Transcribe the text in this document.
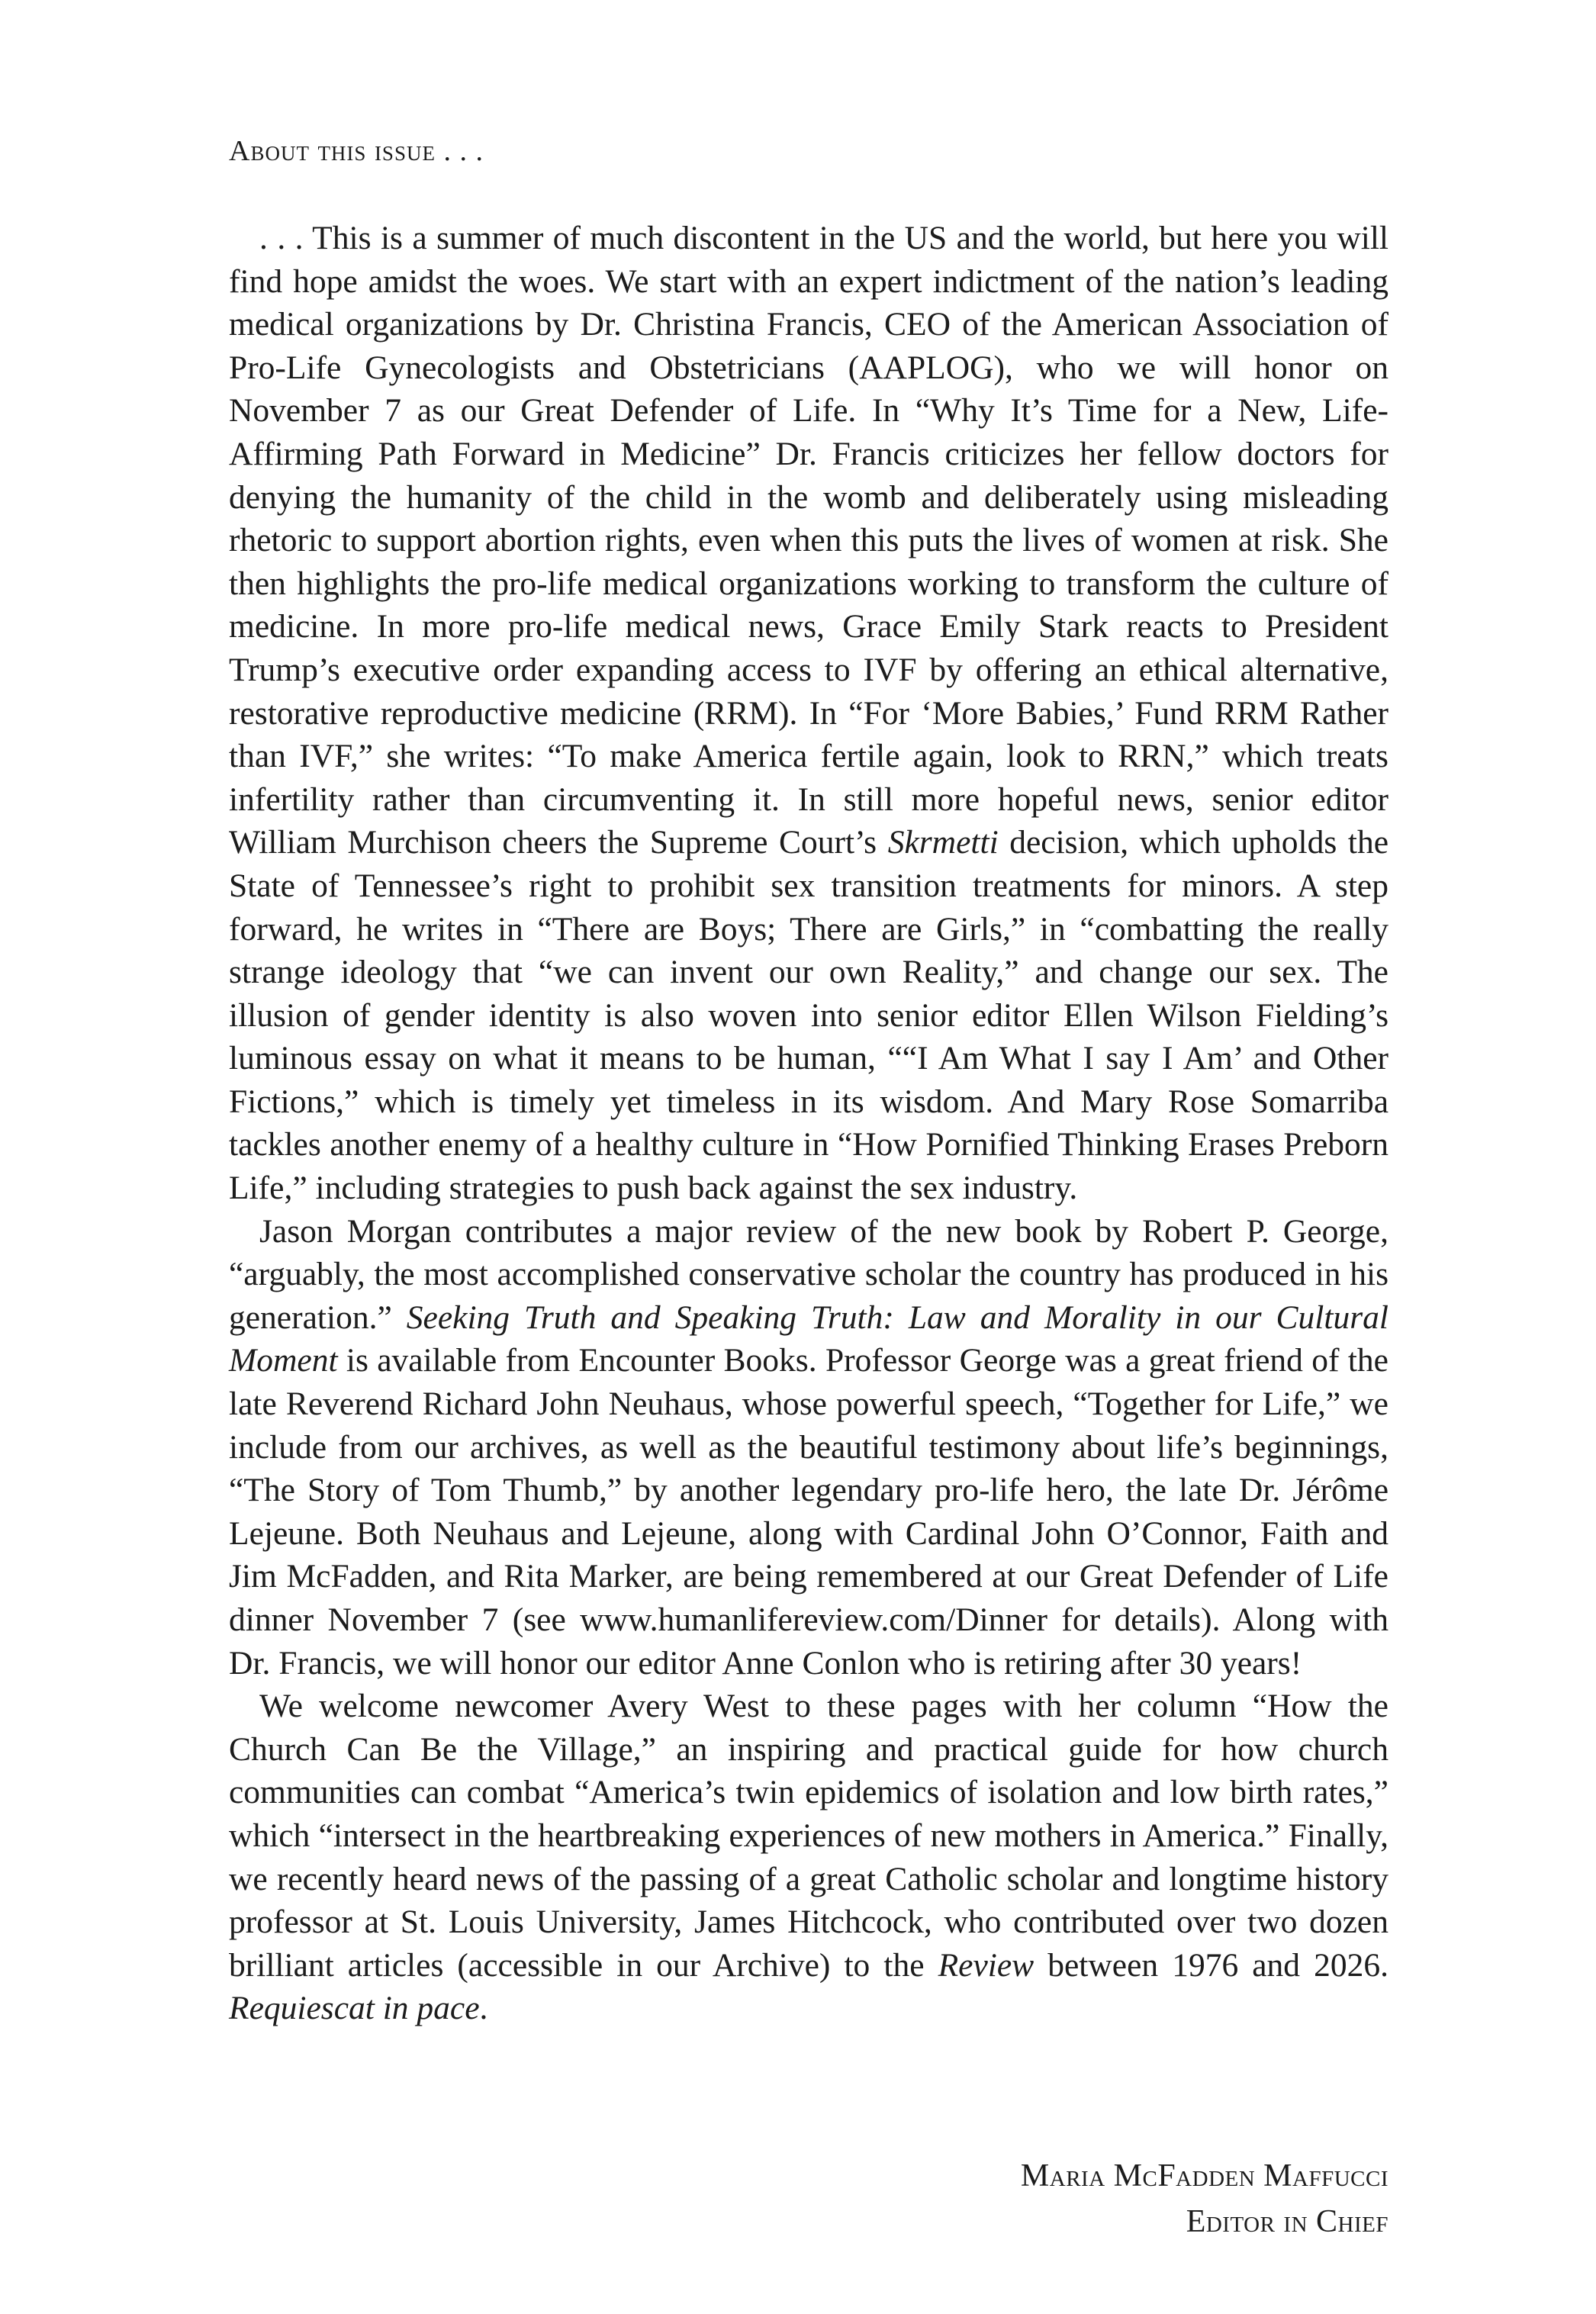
About this issue . . .

. . . This is a summer of much discontent in the US and the world, but here you will find hope amidst the woes. We start with an expert indictment of the nation’s leading medical organizations by Dr. Christina Francis, CEO of the American Association of Pro-Life Gynecologists and Obstetricians (AAPLOG), who we will honor on November 7 as our Great Defender of Life. In “Why It’s Time for a New, Life-Affirming Path Forward in Medicine” Dr. Francis criticizes her fellow doctors for denying the humanity of the child in the womb and deliberately using misleading rhetoric to support abortion rights, even when this puts the lives of women at risk. She then highlights the pro-life medical organizations working to transform the culture of medicine. In more pro-life medical news, Grace Emily Stark reacts to President Trump’s executive order expanding access to IVF by offering an ethical alternative, restorative reproductive medicine (RRM). In “For ‘More Babies,’ Fund RRM Rather than IVF,” she writes: “To make America fertile again, look to RRN,” which treats infertility rather than circumventing it. In still more hopeful news, senior editor William Murchison cheers the Supreme Court’s Skrmetti decision, which upholds the State of Tennessee’s right to prohibit sex transition treatments for minors. A step forward, he writes in “There are Boys; There are Girls,” in “combatting the really strange ideology that “we can invent our own Reality,” and change our sex. The illusion of gender identity is also woven into senior editor Ellen Wilson Fielding’s luminous essay on what it means to be human, ““I Am What I say I Am’ and Other Fictions,” which is timely yet timeless in its wisdom. And Mary Rose Somarriba tackles another enemy of a healthy culture in “How Pornified Thinking Erases Preborn Life,” including strategies to push back against the sex industry.

Jason Morgan contributes a major review of the new book by Robert P. George, “arguably, the most accomplished conservative scholar the country has produced in his generation.” Seeking Truth and Speaking Truth: Law and Morality in our Cultural Moment is available from Encounter Books. Professor George was a great friend of the late Reverend Richard John Neuhaus, whose powerful speech, “Together for Life,” we include from our archives, as well as the beautiful testimony about life’s beginnings, “The Story of Tom Thumb,” by another legendary pro-life hero, the late Dr. Jérôme Lejeune. Both Neuhaus and Lejeune, along with Cardinal John O’Connor, Faith and Jim McFadden, and Rita Marker, are being remembered at our Great Defender of Life dinner November 7 (see www.humanlifereview.com/Dinner for details). Along with Dr. Francis, we will honor our editor Anne Conlon who is retiring after 30 years!

We welcome newcomer Avery West to these pages with her column “How the Church Can Be the Village,” an inspiring and practical guide for how church communities can combat “America’s twin epidemics of isolation and low birth rates,” which “intersect in the heartbreaking experiences of new mothers in America.” Finally, we recently heard news of the passing of a great Catholic scholar and longtime history professor at St. Louis University, James Hitchcock, who contributed over two dozen brilliant articles (accessible in our Archive) to the Review between 1976 and 2026. Requiescat in pace.

Maria McFadden Maffucci
Editor in Chief
